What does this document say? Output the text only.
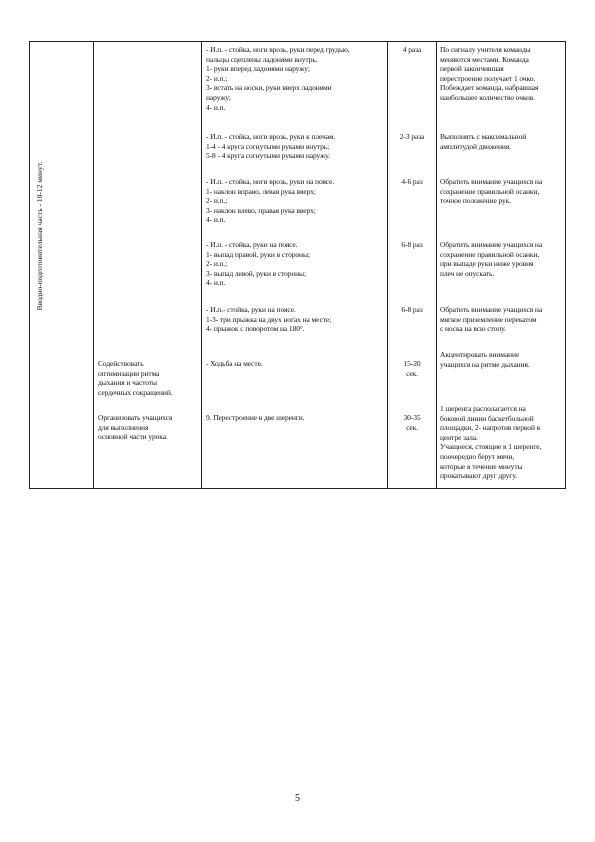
Вводно-подготовительная часть - 10-12 минут.
Содействовать
оптимизации ритма
дыхания и частоты
сердечных сокращений.
Организовать учащихся
для выполнения
основной части урока.
- И.п. - стойка, ноги врозь, руки перед грудью,
пальцы сцеплены ладонями внутрь.
1- руки вперед ладонями наружу;
2- и.п.;
3- встать на носки, руки вверх ладонями
наружу;
4- и.п.
- И.п. - стойка, ноги врозь, руки к плечам.
1-4 - 4 круга согнутыми руками внутрь;
5-8 - 4 круга согнутыми руками наружу.
- И.п. - стойка, ноги врозь, руки на поясе.
1- наклон вправо, левая рука вверх;
2- и.п.;
3- наклон влево, правая рука вверх;
4- и.п.
- И.п. - стойка, руки на поясе.
1- выпад правой, руки в стороны;
2- и.п.;
3- выпад левой, руки в стороны;
4- и.п.
- И.п.- стойка, руки на поясе.
1-3- три прыжка на двух ногах на месте;
4- прыжок с поворотом на 180°.
- Ходьба на месте.
9. Перестроение в две шеренги.
4 раза
2-3 раза
4-6 раз
6-8 раз
6-8 раз
15-20
сек.
30-35
сек.
По сигналу учителя команды
меняются местами. Команда
первой закончившая
перестроение получает 1 очко.
Побеждает команда, набравшая
наибольшее количество очков.
Выполнять с максимальной
амплитудой движения.
Обратить внимание учащихся на
сохранение правильной осанки,
точное положение рук.
Обратить внимание учащихся на
сохранение правильной осанки,
при выпаде руки ниже уровня
плеч не опускать.
Обратить внимание учащихся на
мягкое приземление перекатом
с носка на всю стопу.
Акцентировать внимание
учащихся на ритме дыхания.
1 шеренга располагается на
боковой линии баскетбольной
площадки, 2- напротив первой в
центре зала.
Учащиеся, стоящие в 1 шеренге,
поочередно берут мячи,
которые в течение минуты
прокатывают друг другу.
5
